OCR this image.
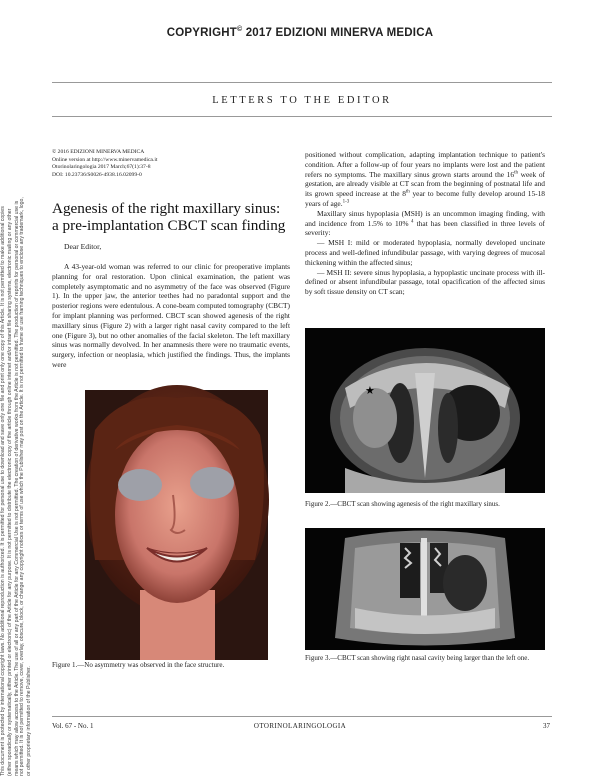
This document is protected by international copyright laws. No additional reproduction is authorized. It is permitted for personal use to download and save only one file and print only one copy of this Article. It is not permitted to make additional copies (either sporadically or systematically, either printed or electronic) of the Article for any purpose. It is not permitted to distribute the electronic copy of the article through online internet and/or intranet file sharing systems, electronic mailing or any other means which may allow access to the Article. The use of all or any part of the Article for any Commercial Use is not permitted. The creation of derivative works from the Article is not permitted. The production of reprints for personal or commercial use is not permitted. It is not permitted to remove, cover, overlay, obscure, block, or change any copyright notices or terms of use which the Publisher may post on the Article. It is not permitted to frame or use framing techniques to enclose any trademark, logo, or other proprietary information of the Publisher.
COPYRIGHT© 2017 EDIZIONI MINERVA MEDICA
LETTERS TO THE EDITOR
© 2016 EDIZIONI MINERVA MEDICA
Online version at http://www.minervamedica.it
Otorinolaringologia 2017 March;67(1):37-8
DOI: 10.23736/S0026-4938.16.02099-0
Agenesis of the right maxillary sinus: a pre-implantation CBCT scan finding
Dear Editor,
A 43-year-old woman was referred to our clinic for preoperative implants planning for oral restoration. Upon clinical examination, the patient was completely asymptomatic and no asymmetry of the face was observed (Figure 1). In the upper jaw, the anterior teethes had no paradontal support and the posterior regions were edentulous. A cone-beam computed tomography (CBCT) for implant planning was performed. CBCT scan showed agenesis of the right maxillary sinus (Figure 2) with a larger right nasal cavity compared to the left one (Figure 3), but no other anomalies of the facial skeleton. The left maxillary sinus was normally devolved. In her anamnesis there were no traumatic events, surgery, infection or neoplasia, which justified the findings. Thus, the implants were

positioned without complication, adapting implantation technique to patient's condition. After a follow-up of four years no implants were lost and the patient refers no symptoms. The maxillary sinus grown starts around the 16th week of gestation, are already visible at CT scan from the beginning of postnatal life and its grown speed increase at the 8th year to become fully develop around 15-18 years of age.$^{1-3}$

Maxillary sinus hypoplasia (MSH) is an uncommon imaging finding, with and incidence from 1.5% to 10% $^4$ that has been classified in three levels of severity:

— MSH I: mild or moderated hypoplasia, normally developed uncinate process and well-defined infundibular passage, with varying degrees of mucosal thickening within the affected sinus;

— MSH II: severe sinus hypoplasia, a hypoplastic uncinate process with ill-defined or absent infundibular passage, total opacification of the affected sinus by soft tissue density on CT scan;

Figure 1.—No asymmetry was observed in the face structure.
★
Figure 2.—CBCT scan showing agenesis of the right maxillary sinus.
Figure 3.—CBCT scan showing right nasal cavity being larger than the left one.
Vol. 67 - No. 1	OTORINOLARINGOLOGIA	37
